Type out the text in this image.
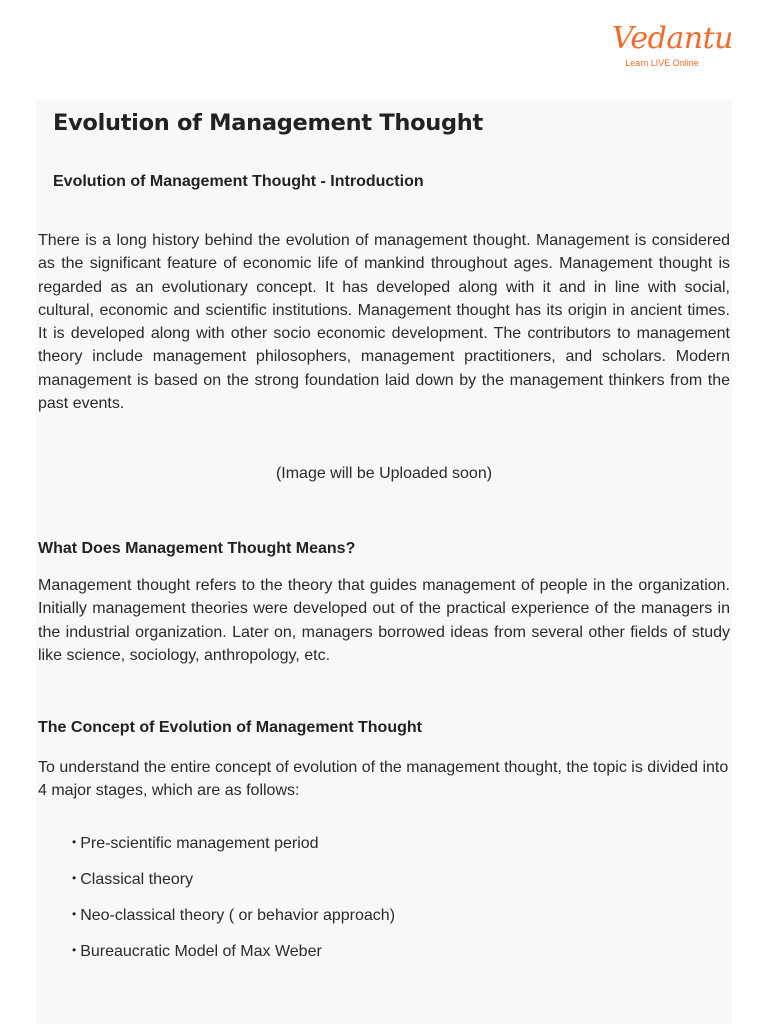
Vedantu
Learn LIVE Online
Evolution of Management Thought
Evolution of Management Thought - Introduction

There is a long history behind the evolution of management thought. Management is considered as the significant feature of economic life of mankind throughout ages. Management thought is regarded as an evolutionary concept. It has developed along with it and in line with social, cultural, economic and scientific institutions. Management thought has its origin in ancient times. It is developed along with other socio economic development. The contributors to management theory include management philosophers, management practitioners, and scholars. Modern management is based on the strong foundation laid down by the management thinkers from the past events.

(Image will be Uploaded soon)
What Does Management Thought Means?

Management thought refers to the theory that guides management of people in the organization. Initially management theories were developed out of the practical experience of the managers in the industrial organization. Later on, managers borrowed ideas from several other fields of study like science, sociology, anthropology, etc.

The Concept of Evolution of Management Thought

To understand the entire concept of evolution of the management thought, the topic is divided into 4 major stages, which are as follows:

• Pre-scientific management period
• Classical theory
• Neo-classical theory ( or behavior approach)
• Bureaucratic Model of Max Weber
